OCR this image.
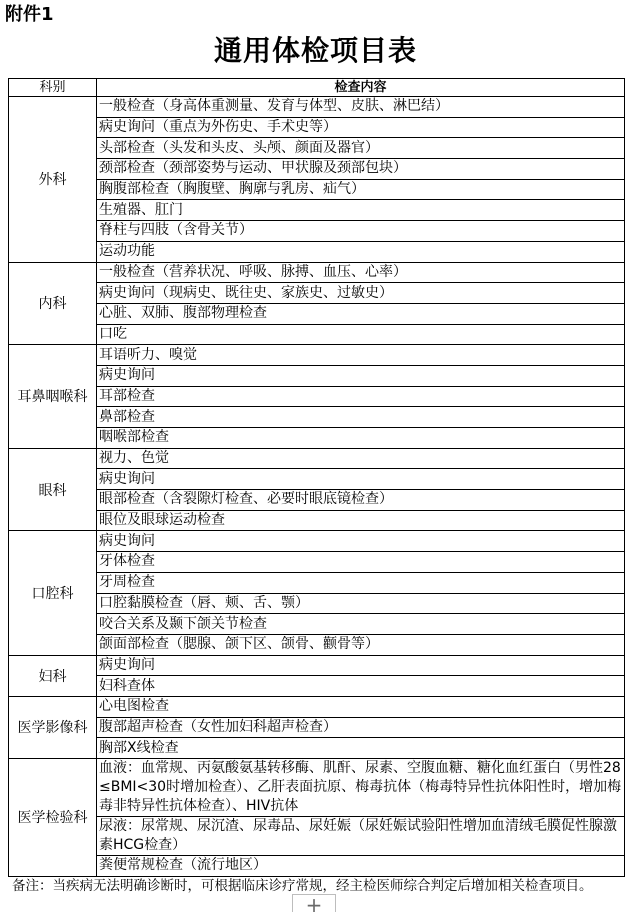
附件1
通用体检项目表
科别	检查内容
外科	一般检查（身高体重测量、发育与体型、皮肤、淋巴结）
	病史询问（重点为外伤史、手术史等）
	头部检查（头发和头皮、头颅、颜面及器官）
	颈部检查（颈部姿势与运动、甲状腺及颈部包块）
	胸腹部检查（胸腹壁、胸廓与乳房、疝气）
	生殖器、肛门
	脊柱与四肢（含骨关节）
	运动功能
内科	一般检查（营养状况、呼吸、脉搏、血压、心率）
	病史询问（现病史、既往史、家族史、过敏史）
	心脏、双肺、腹部物理检查
	口吃
耳鼻咽喉科	耳语听力、嗅觉
	病史询问
	耳部检查
	鼻部检查
	咽喉部检查
眼科	视力、色觉
	病史询问
	眼部检查（含裂隙灯检查、必要时眼底镜检查）
	眼位及眼球运动检查
口腔科	病史询问
	牙体检查
	牙周检查
	口腔黏膜检查（唇、颊、舌、颚）
	咬合关系及颞下颌关节检查
	颌面部检查（腮腺、颌下区、颌骨、颧骨等）
妇科	病史询问
	妇科查体
医学影像科	心电图检查
	腹部超声检查（女性加妇科超声检查）
	胸部X线检查
医学检验科	血液：血常规、丙氨酸氨基转移酶、肌酐、尿素、空腹血糖、糖化血红蛋白（男性28≤BMI<30时增加检查）、乙肝表面抗原、梅毒抗体（梅毒特异性抗体阳性时，增加梅毒非特异性抗体检查）、HIV抗体
	尿液：尿常规、尿沉渣、尿毒品、尿妊娠（尿妊娠试验阳性增加血清绒毛膜促性腺激素HCG检查）
	粪便常规检查（流行地区）
备注：当疾病无法明确诊断时，可根据临床诊疗常规，经主检医师综合判定后增加相关检查项目。
+
